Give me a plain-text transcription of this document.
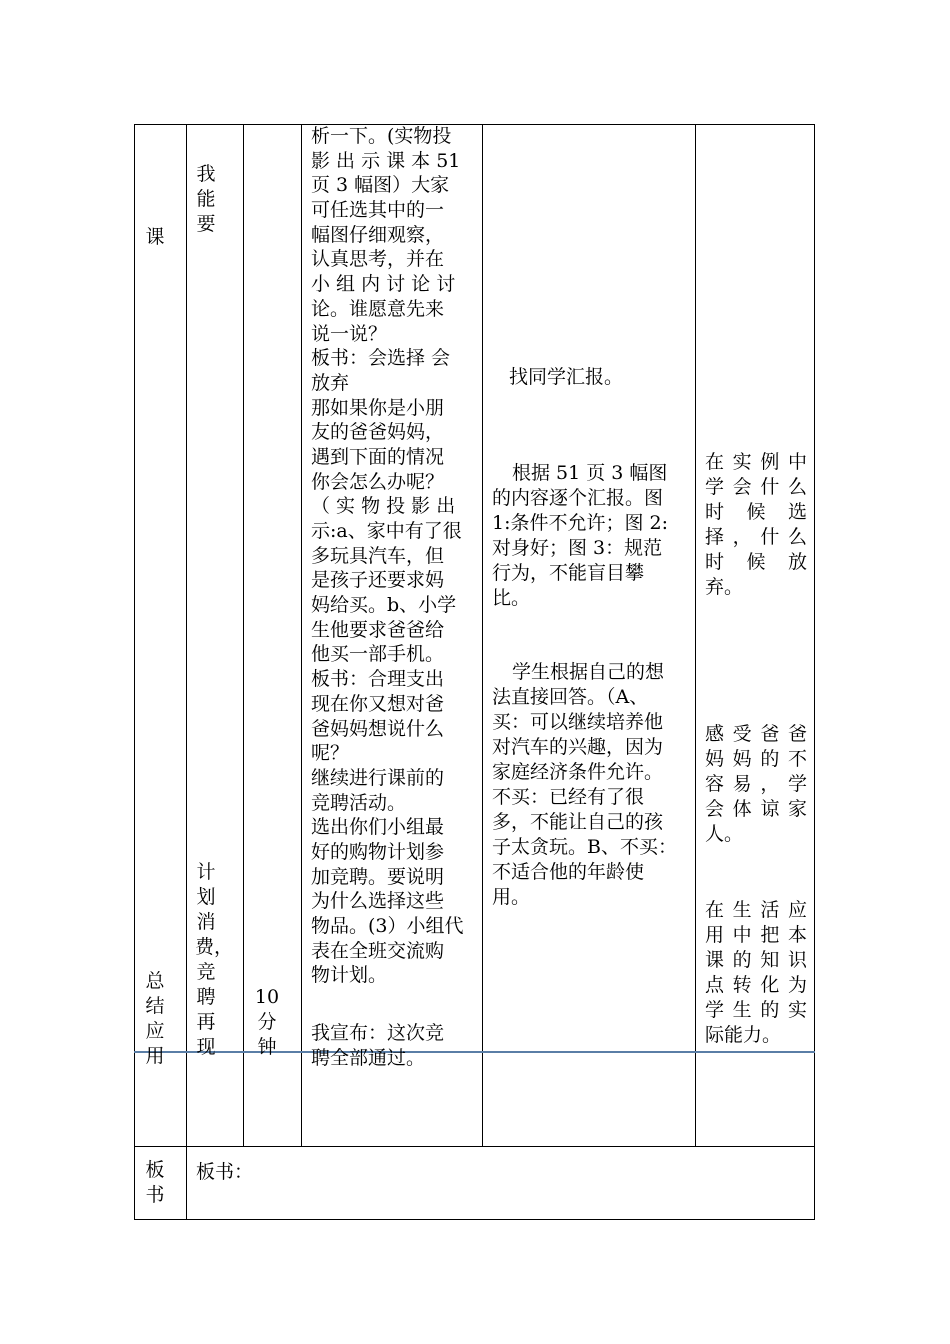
课
总
结
应
用
板
书
我
能
要
计
划
消
费，
竞
聘
再
现
板书：
10
分
钟
析一下。(实物投
影 出 示 课 本 51
页 3 幅图）大家
可任选其中的一
幅图仔细观察，
认真思考，并在
小 组 内 讨 论 讨
论。谁愿意先来
说一说？
板书：会选择 会
放弃
那如果你是小朋
友的爸爸妈妈，
遇到下面的情况
你会怎么办呢？
（ 实 物 投 影 出
示:a、家中有了很
多玩具汽车，但
是孩子还要求妈
妈给买。b、小学
生他要求爸爸给
他买一部手机。
板书：合理支出
现在你又想对爸
爸妈妈想说什么
呢？
继续进行课前的
竞聘活动。
选出你们小组最
好的购物计划参
加竞聘。要说明
为什么选择这些
物品。(3）小组代
表在全班交流购
物计划。
我宣布：这次竞
聘全部通过。
找同学汇报。
根据 51 页 3 幅图
的内容逐个汇报。图
1:条件不允许；图 2:
对身好；图 3：规范
行为，不能盲目攀
比。
学生根据自己的想
法直接回答。（A、
买：可以继续培养他
对汽车的兴趣，因为
家庭经济条件允许。
不买：已经有了很
多，不能让自己的孩
子太贪玩。B、不买：
不适合他的年龄使
用。
在 实 例 中
学 会 什 么
时 候 选
择 ， 什 么
时 候 放
弃。
感 受 爸 爸
妈 妈 的 不
容 易 ， 学
会 体 谅 家
人。
在 生 活 应
用 中 把 本
课 的 知 识
点 转 化 为
学 生 的 实
际能力。
